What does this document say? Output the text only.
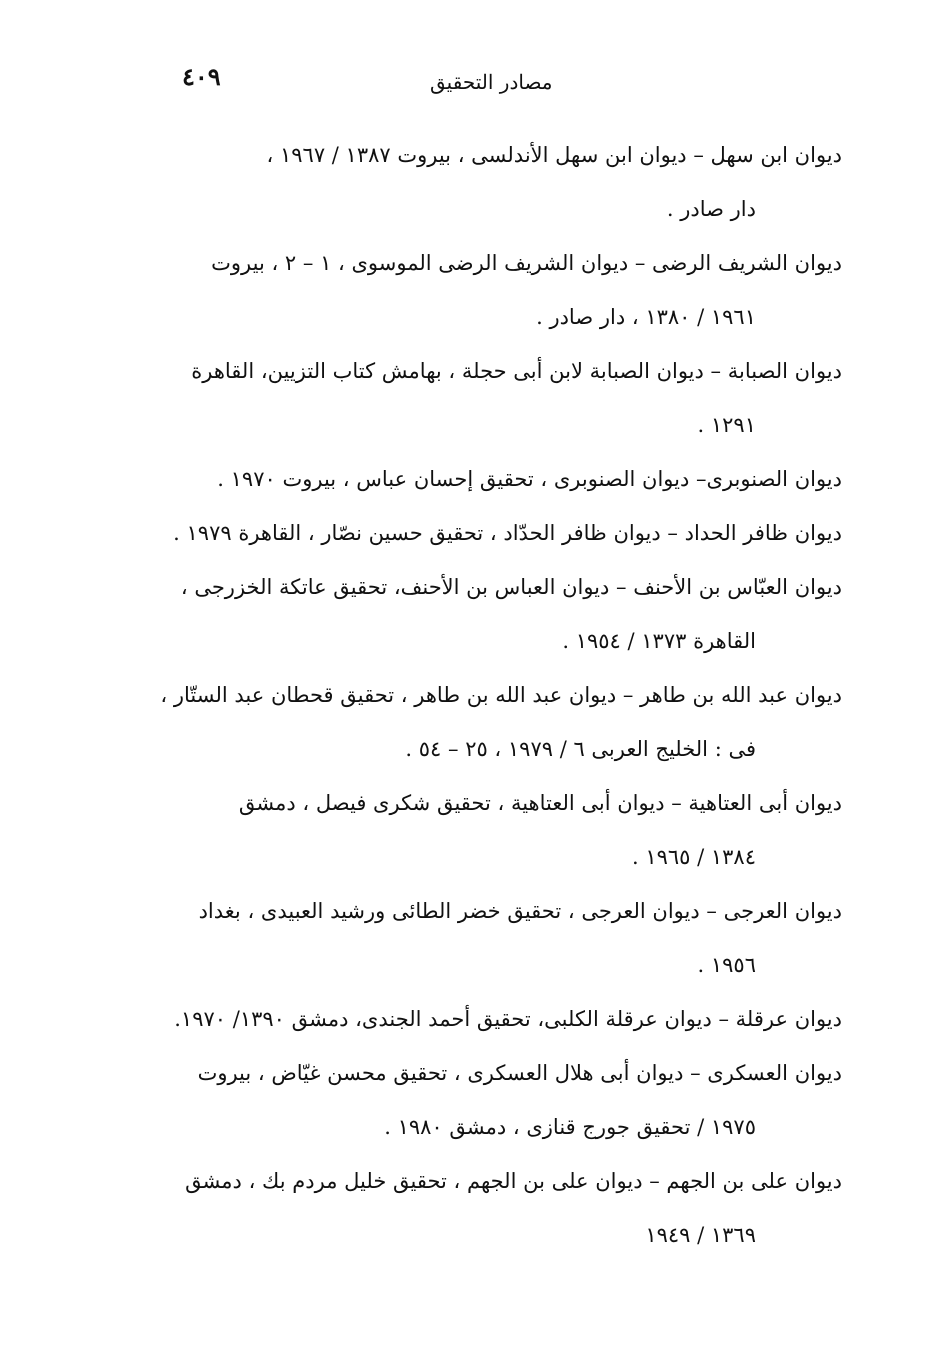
٤٠٩	مصادر التحقيق
ديوان ابن سهل – ديوان ابن سهل الأندلسى ، بيروت ١٣٨٧ / ١٩٦٧ ،
دار صادر .
ديوان الشريف الرضى – ديوان الشريف الرضى الموسوى ، ١ – ٢ ، بيروت
١٩٦١ / ١٣٨٠ ، دار صادر .
ديوان الصبابة – ديوان الصبابة لابن أبى حجلة ، بهامش كتاب التزيين، القاهرة
١٢٩١ .
ديوان الصنوبرى– ديوان الصنوبرى ، تحقيق إحسان عباس ، بيروت ١٩٧٠ .
ديوان ظافر الحداد – ديوان ظافر الحدّاد ، تحقيق حسين نصّار ، القاهرة ١٩٧٩ .
ديوان العبّاس بن الأحنف – ديوان العباس بن الأحنف، تحقيق عاتكة الخزرجى ،
القاهرة ١٣٧٣ / ١٩٥٤ .
ديوان عبد الله بن طاهر – ديوان عبد الله بن طاهر ، تحقيق قحطان عبد الستّار ،
فى : الخليج العربى ٦ / ١٩٧٩ ، ٢٥ – ٥٤ .
ديوان أبى العتاهية – ديوان أبى العتاهية ، تحقيق شكرى فيصل ، دمشق
١٣٨٤ / ١٩٦٥ .
ديوان العرجى – ديوان العرجى ، تحقيق خضر الطائى ورشيد العبيدى ، بغداد
١٩٥٦ .
ديوان عرقلة – ديوان عرقلة الكلبى، تحقيق أحمد الجندى، دمشق ١٣٩٠/ ١٩٧٠.
ديوان العسكرى – ديوان أبى هلال العسكرى ، تحقيق محسن غيّاض ، بيروت
١٩٧٥ / تحقيق جورج قنازى ، دمشق ١٩٨٠ .
ديوان على بن الجهم – ديوان على بن الجهم ، تحقيق خليل مردم بك ، دمشق
١٣٦٩ / ١٩٤٩
